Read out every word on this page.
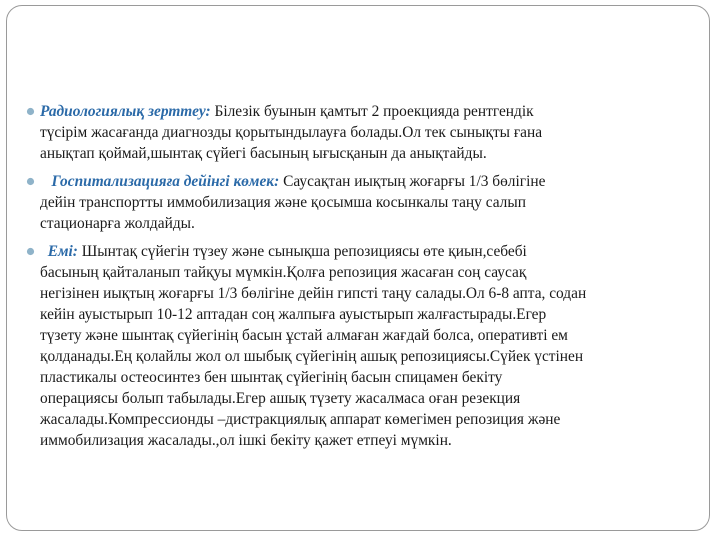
Радиологиялық зерттеу: Білезік буынын қамтыт 2 проекцияда рентгендік
түсірім жасағанда диагнозды қорытындылауға болады.Ол тек сынықты ғана
анықтап қоймай,шынтақ сүйегі басының ығысқанын да анықтайды.
Госпитализацияға дейінгі көмек: Саусақтан иықтың жоғарғы 1/3 бөлігіне
дейін транспортты иммобилизация және қосымша косынкалы таңу салып
стационарға жолдайды.
Емі: Шынтақ сүйегін түзеу және сынықша репозициясы өте қиын,себебі
басының қайталанып тайқуы мүмкін.Қолға репозиция жасаған соң саусақ
негізінен иықтың жоғарғы 1/3 бөлігіне дейін гипсті таңу салады.Ол 6-8 апта, содан
кейін ауыстырып 10-12 аптадан соң жалпыға ауыстырып жалғастырады.Егер
түзету және шынтақ сүйегінің басын ұстай алмаған жағдай болса, оперативті ем
қолданады.Ең қолайлы жол ол шыбық сүйегінің ашық репозициясы.Сүйек үстінен
пластикалы остеосинтез бен шынтақ сүйегінің басын спицамен бекіту
операциясы болып табылады.Егер ашық түзету жасалмаса оған резекция
жасалады.Компрессионды –дистракциялық аппарат көмегімен репозиция және
иммобилизация жасалады.,ол ішкі бекіту қажет етпеуі мүмкін.
